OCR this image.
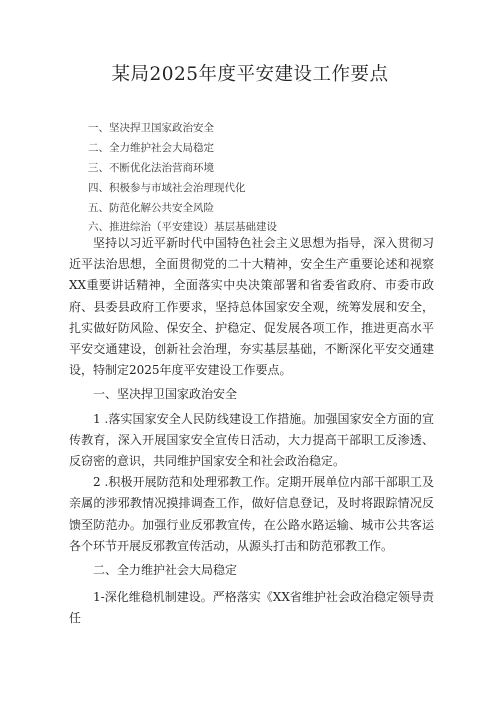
某局2025年度平安建设工作要点
一、坚决捍卫国家政治安全
二、全力维护社会大局稳定
三、不断优化法治营商环境
四、积极参与市域社会治理现代化
五、防范化解公共安全风险
六、推进综治（平安建设）基层基础建设

坚持以习近平新时代中国特色社会主义思想为指导，深入贯彻习近平法治思想，全面贯彻党的二十大精神，安全生产重要论述和视察XX重要讲话精神，全面落实中央决策部署和省委省政府、市委市政府、县委县政府工作要求，坚持总体国家安全观，统筹发展和安全，扎实做好防风险、保安全、护稳定、促发展各项工作，推进更高水平平安交通建设，创新社会治理，夯实基层基础，不断深化平安交通建设，特制定2025年度平安建设工作要点。

一、坚决捍卫国家政治安全

1 .落实国家安全人民防线建设工作措施。加强国家安全方面的宣传教育，深入开展国家安全宣传日活动，大力提高干部职工反渗透、反窃密的意识，共同维护国家安全和社会政治稳定。

2 .积极开展防范和处理邪教工作。定期开展单位内部干部职工及亲属的涉邪教情况摸排调查工作，做好信息登记，及时将跟踪情况反馈至防范办。加强行业反邪教宣传，在公路水路运输、城市公共客运各个环节开展反邪教宣传活动，从源头打击和防范邪教工作。

二、全力维护社会大局稳定

1-深化维稳机制建设。严格落实《XX省维护社会政治稳定领导责任
